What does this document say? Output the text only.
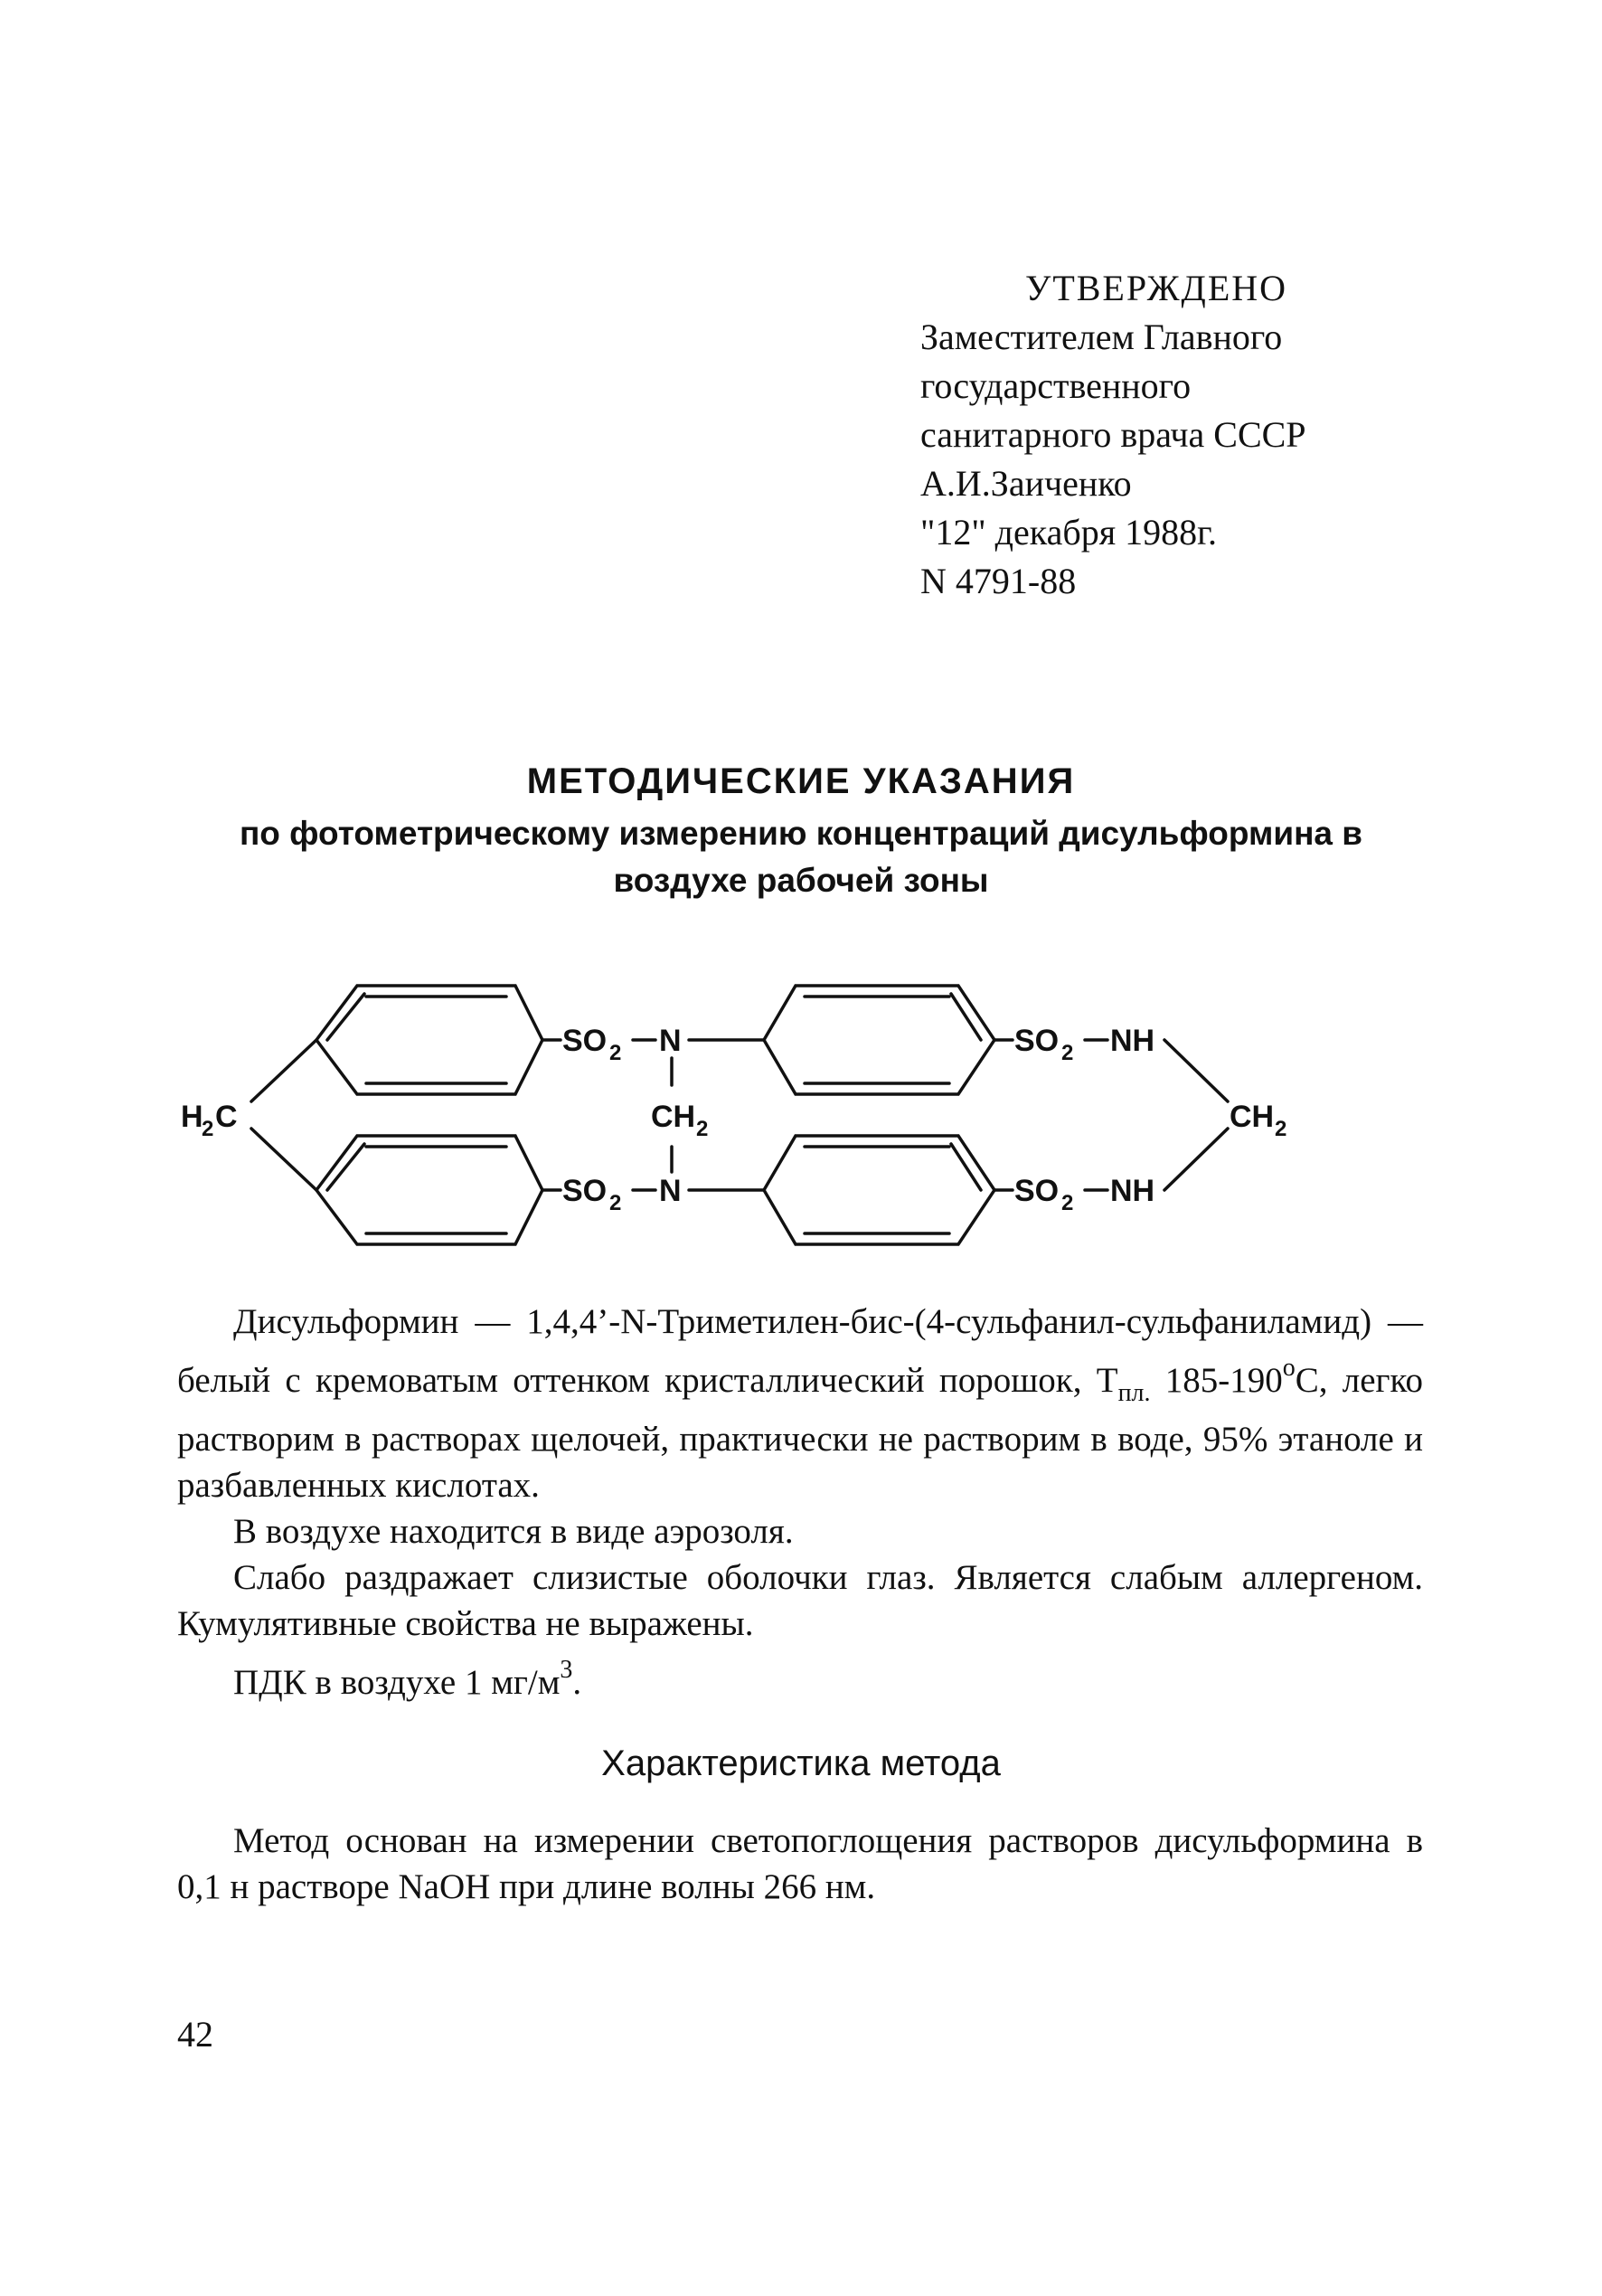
УТВЕРЖДЕНО
Заместителем Главного
государственного
санитарного врача СССР
А.И.Заиченко
"12" декабря 1988г.
N 4791-88
МЕТОДИЧЕСКИЕ УКАЗАНИЯ
по фотометрическому измерению концентраций дисульформина в
воздухе рабочей зоны
H
2 C
SO 2
SO 2
N
N
CH 2
SO 2
SO 2
NH
NH
CH 2

Дисульформин — 1,4,4’-N-Триметилен-бис-(4-сульфанил-сульфаниламид) — белый с кремоватым оттенком кристаллический порошок, $Т_{пл.}$ $185-190^оС$, легко растворим в растворах щелочей, практически не растворим в воде, 95% этаноле и разбавленных кислотах.

В воздухе находится в виде аэрозоля.

Слабо раздражает слизистые оболочки глаз. Является слабым аллергеном. Кумулятивные свойства не выражены.

ПДК в воздухе 1 $мг/м^3$.

Характеристика метода

Метод основан на измерении светопоглощения растворов дисульформина в 0,1 н растворе NaOH при длине волны 266 нм.

42
